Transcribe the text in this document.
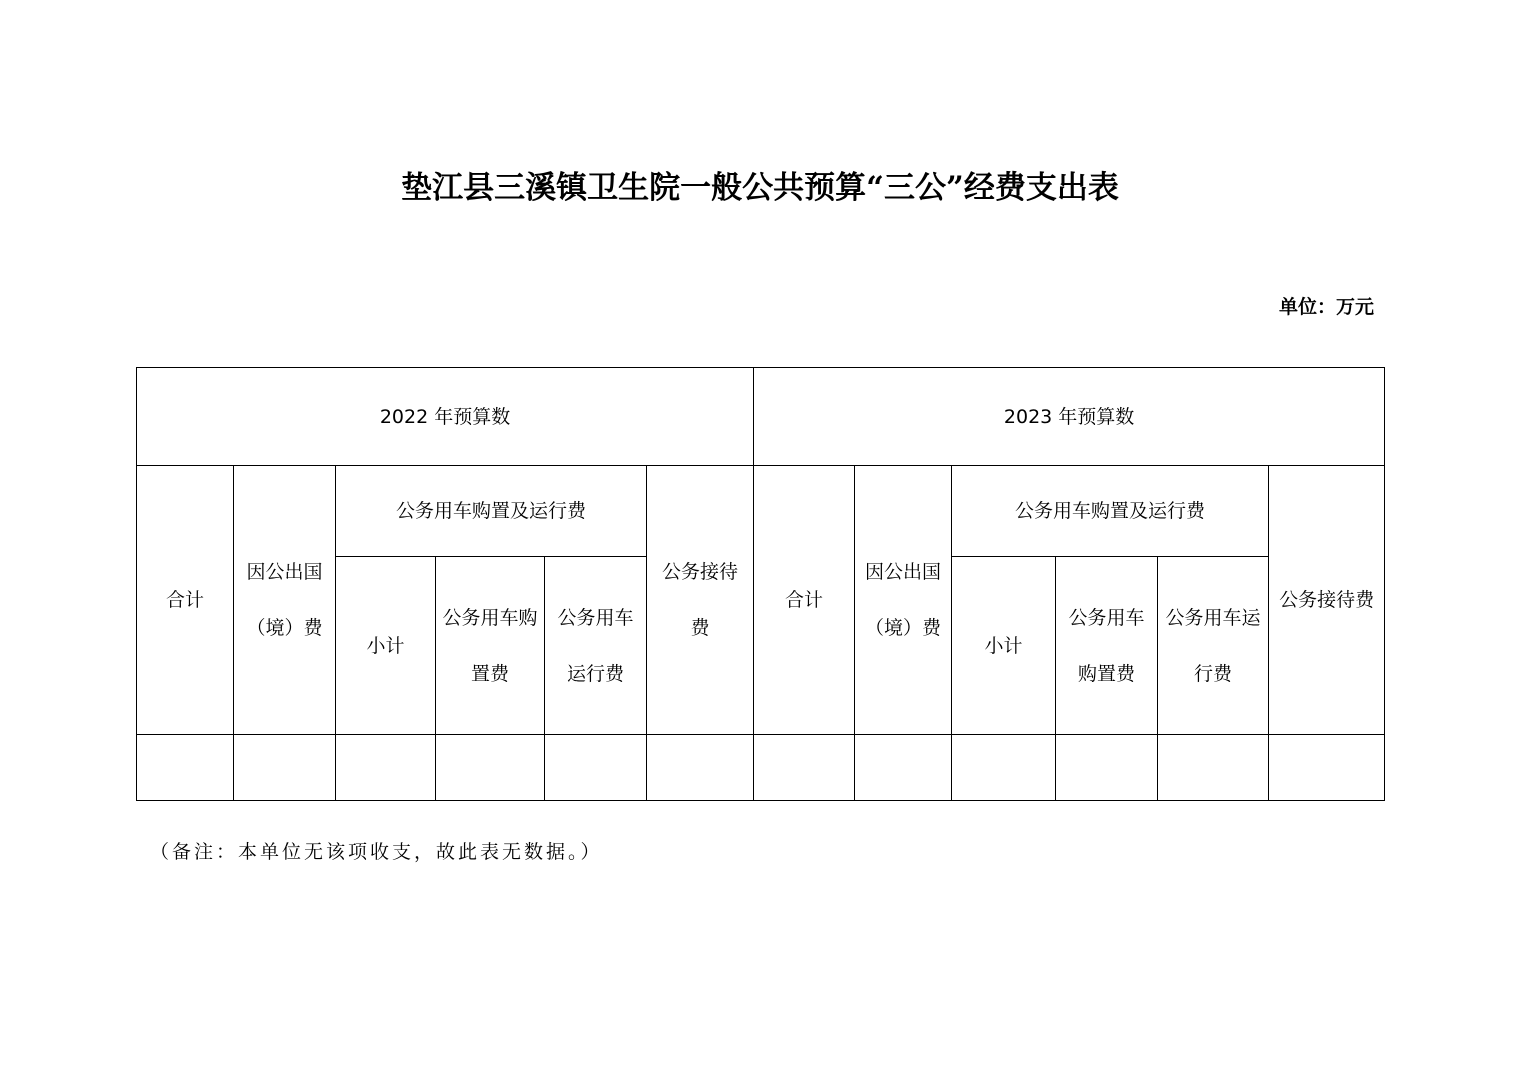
垫江县三溪镇卫生院一般公共预算“三公”经费支出表
单位：万元
2022 年预算数						2023 年预算数					
合计	因公出国（境）费	公务用车购置及运行费			公务接待费	合计	因公出国（境）费	公务用车购置及运行费			公务接待费
		小计	公务用车购置费	公务用车运行费				小计	公务用车购置费	公务用车运行费	

（备注：本单位无该项收支，故此表无数据。）
